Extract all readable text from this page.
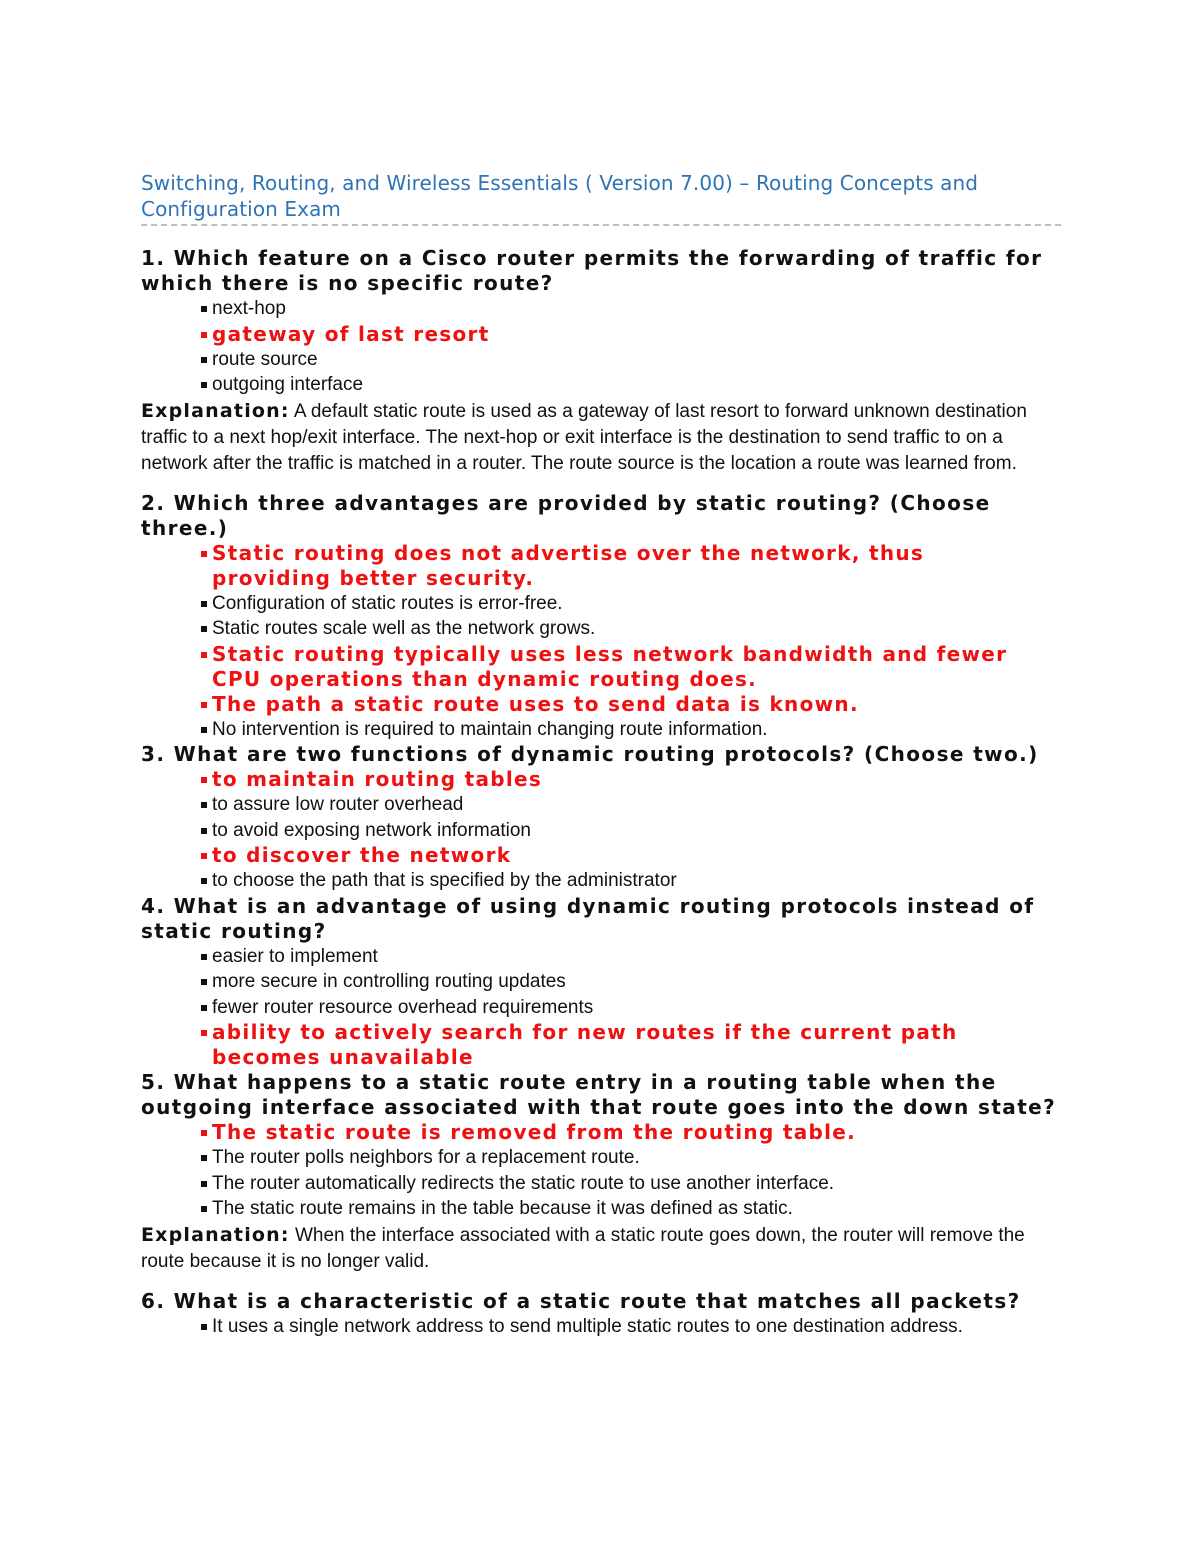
Switching, Routing, and Wireless Essentials ( Version 7.00) – Routing Concepts and Configuration Exam

1. Which feature on a Cisco router permits the forwarding of traffic for which there is no specific route?

next-hop
gateway of last resort
route source
outgoing interface

Explanation: A default static route is used as a gateway of last resort to forward unknown destination traffic to a next hop/exit interface. The next-hop or exit interface is the destination to send traffic to on a network after the traffic is matched in a router. The route source is the location a route was learned from.

2. Which three advantages are provided by static routing? (Choose three.)

Static routing does not advertise over the network, thus providing better security.
Configuration of static routes is error-free.
Static routes scale well as the network grows.
Static routing typically uses less network bandwidth and fewer CPU operations than dynamic routing does.
The path a static route uses to send data is known.
No intervention is required to maintain changing route information.

3. What are two functions of dynamic routing protocols? (Choose two.)

to maintain routing tables
to assure low router overhead
to avoid exposing network information
to discover the network
to choose the path that is specified by the administrator

4. What is an advantage of using dynamic routing protocols instead of static routing?

easier to implement
more secure in controlling routing updates
fewer router resource overhead requirements
ability to actively search for new routes if the current path becomes unavailable

5. What happens to a static route entry in a routing table when the outgoing interface associated with that route goes into the down state?

The static route is removed from the routing table.
The router polls neighbors for a replacement route.
The router automatically redirects the static route to use another interface.
The static route remains in the table because it was defined as static.

Explanation: When the interface associated with a static route goes down, the router will remove the route because it is no longer valid.

6. What is a characteristic of a static route that matches all packets?

It uses a single network address to send multiple static routes to one destination address.
